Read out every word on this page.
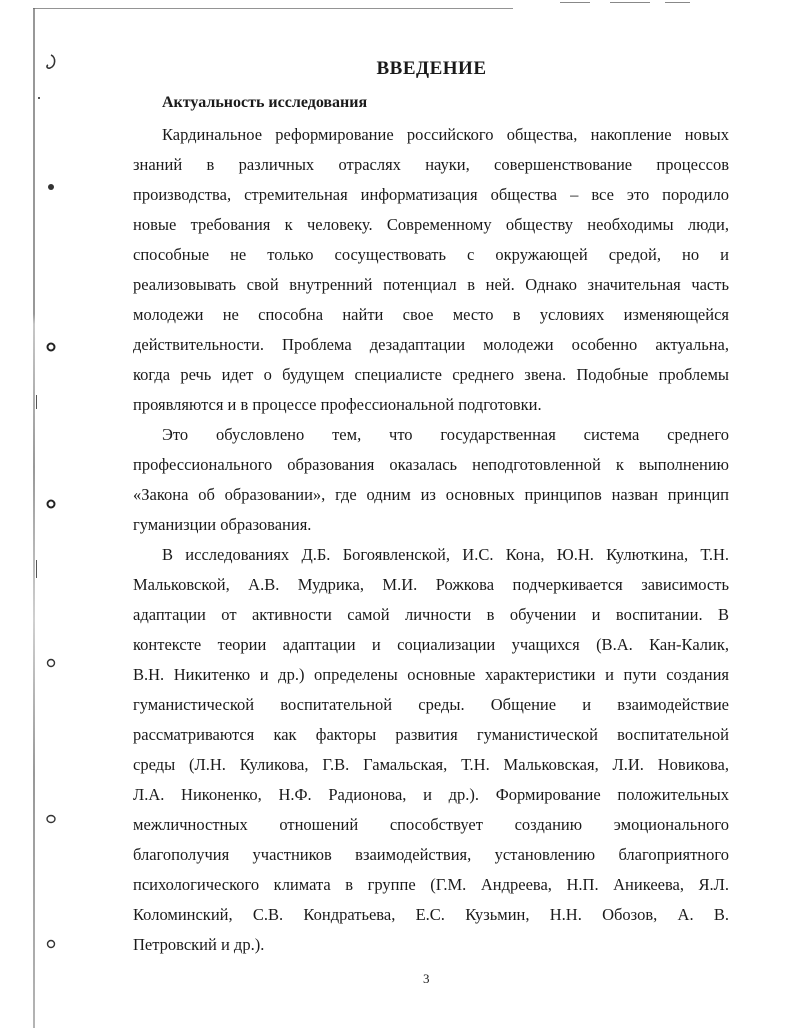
ВВЕДЕНИЕ
Актуальность исследования
Кардинальное реформирование российского общества, накопление новых
знаний в различных отраслях науки, совершенствование процессов
производства, стремительная информатизация общества – все это породило
новые требования к человеку. Современному обществу необходимы люди,
способные не только сосуществовать с окружающей средой, но и
реализовывать свой внутренний потенциал в ней. Однако значительная часть
молодежи не способна найти свое место в условиях изменяющейся
действительности. Проблема дезадаптации молодежи особенно актуальна,
когда речь идет о будущем специалисте среднего звена. Подобные проблемы
проявляются и в процессе профессиональной подготовки.
Это обусловлено тем, что государственная система среднего
профессионального образования оказалась неподготовленной к выполнению
«Закона об образовании», где одним из основных принципов назван принцип
гуманизции образования.
В исследованиях Д.Б. Богоявленской, И.С. Кона, Ю.Н. Кулюткина, Т.Н.
Мальковской, А.В. Мудрика, М.И. Рожкова подчеркивается зависимость
адаптации от активности самой личности в обучении и воспитании. В
контексте теории адаптации и социализации учащихся (В.А. Кан-Калик,
В.Н. Никитенко и др.) определены основные характеристики и пути создания
гуманистической воспитательной среды. Общение и взаимодействие
рассматриваются как факторы развития гуманистической воспитательной
среды (Л.Н. Куликова, Г.В. Гамальская, Т.Н. Мальковская, Л.И. Новикова,
Л.А. Никоненко, Н.Ф. Радионова, и др.). Формирование положительных
межличностных отношений способствует созданию эмоционального
благополучия участников взаимодействия, установлению благоприятного
психологического климата в группе (Г.М. Андреева, Н.П. Аникеева, Я.Л.
Коломинский, С.В. Кондратьева, Е.С. Кузьмин, Н.Н. Обозов, А. В.
Петровский и др.).
3
